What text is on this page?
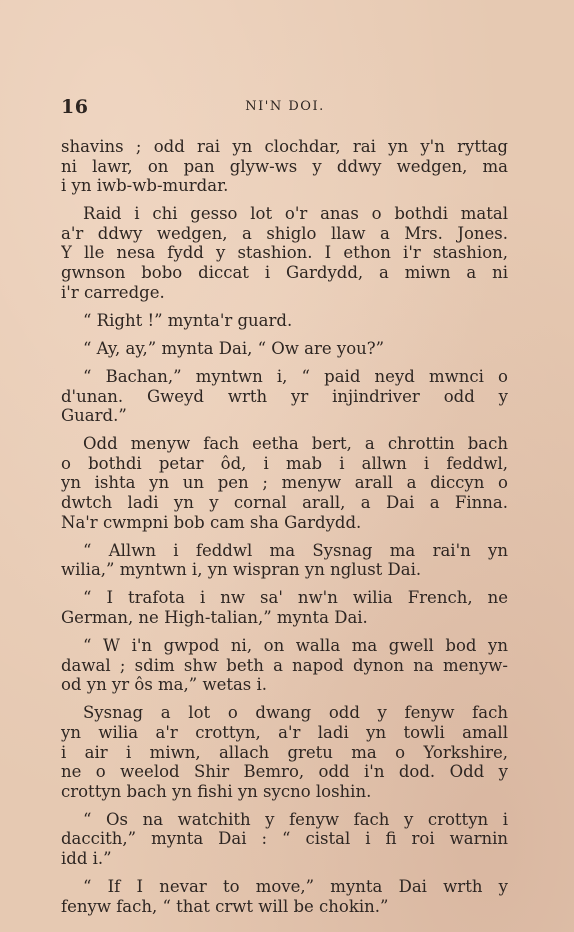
16	NI'N DOI.
shavins ; odd rai yn clochdar, rai yn y'n ryttag
ni lawr, on pan glyw-ws y ddwy wedgen, ma
i yn iwb-wb-murdar.
Raid i chi gesso lot o'r anas o bothdi matal
a'r ddwy wedgen, a shiglo llaw a Mrs. Jones.
Y lle nesa fydd y stashion. I ethon i'r stashion,
gwnson bobo diccat i Gardydd, a miwn a ni
i'r carredge.
“ Right !” mynta'r guard.
“ Ay, ay,” mynta Dai, “ Ow are you?”
“ Bachan,” myntwn i, “ paid neyd mwnci o
d'unan. Gweyd wrth yr injindriver odd y
Guard.”
Odd menyw fach eetha bert, a chrottin bach
o bothdi petar ôd, i mab i allwn i feddwl,
yn ishta yn un pen ; menyw arall a diccyn o
dwtch ladi yn y cornal arall, a Dai a Finna.
Na'r cwmpni bob cam sha Gardydd.
“ Allwn i feddwl ma Sysnag ma rai'n yn
wilia,” myntwn i, yn wispran yn nglust Dai.
“ I trafota i nw sa' nw'n wilia French, ne
German, ne High-talian,” mynta Dai.
“ W i'n gwpod ni, on walla ma gwell bod yn
dawal ; sdim shw beth a napod dynon na menyw-
od yn yr ôs ma,” wetas i.
Sysnag a lot o dwang odd y fenyw fach
yn wilia a'r crottyn, a'r ladi yn towli amall
i air i miwn, allach gretu ma o Yorkshire,
ne o weelod Shir Bemro, odd i'n dod. Odd y
crottyn bach yn fishi yn sycno loshin.
“ Os na watchith y fenyw fach y crottyn i
daccith,” mynta Dai : “ cistal i fi roi warnin
idd i.”
“ If I nevar to move,” mynta Dai wrth y
fenyw fach, “ that crwt will be chokin.”
